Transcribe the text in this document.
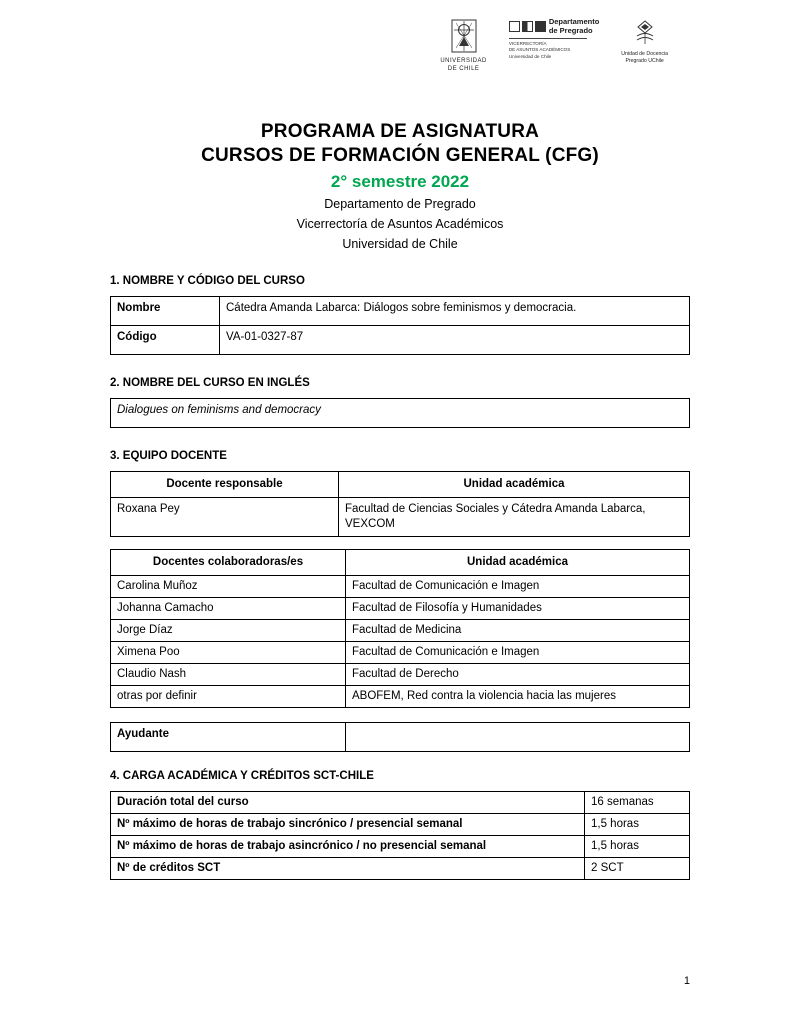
UNIVERSIDAD
DE CHILE
Departamento
de Pregrado
VICERRECTORÍA
DE ASUNTOS ACADÉMICOS
Universidad de Chile	Unidad de Docencia
Pregrado UChile
PROGRAMA DE ASIGNATURA
CURSOS DE FORMACIÓN GENERAL (CFG)
2° semestre 2022
Departamento de Pregrado
Vicerrectoría de Asuntos Académicos
Universidad de Chile
1. NOMBRE Y CÓDIGO DEL CURSO
Nombre	Cátedra Amanda Labarca: Diálogos sobre feminismos y democracia.
Código	VA-01-0327-87
2. NOMBRE DEL CURSO EN INGLÉS
Dialogues on feminisms and democracy
3. EQUIPO DOCENTE
Docente responsable	Unidad académica
Roxana Pey	Facultad de Ciencias Sociales y Cátedra Amanda Labarca, VEXCOM
Docentes colaboradoras/es	Unidad académica
Carolina Muñoz	Facultad de Comunicación e Imagen
Johanna Camacho	Facultad de Filosofía y Humanidades
Jorge Díaz	Facultad de Medicina
Ximena Poo	Facultad de Comunicación e Imagen
Claudio Nash	Facultad de Derecho
otras por definir	ABOFEM, Red contra la violencia hacia las mujeres
Ayudante	
4. CARGA ACADÉMICA Y CRÉDITOS SCT-CHILE
Duración total del curso	16 semanas
Nº máximo de horas de trabajo sincrónico / presencial semanal	1,5 horas
Nº máximo de horas de trabajo asincrónico / no presencial semanal	1,5 horas
Nº de créditos SCT	2 SCT
1
